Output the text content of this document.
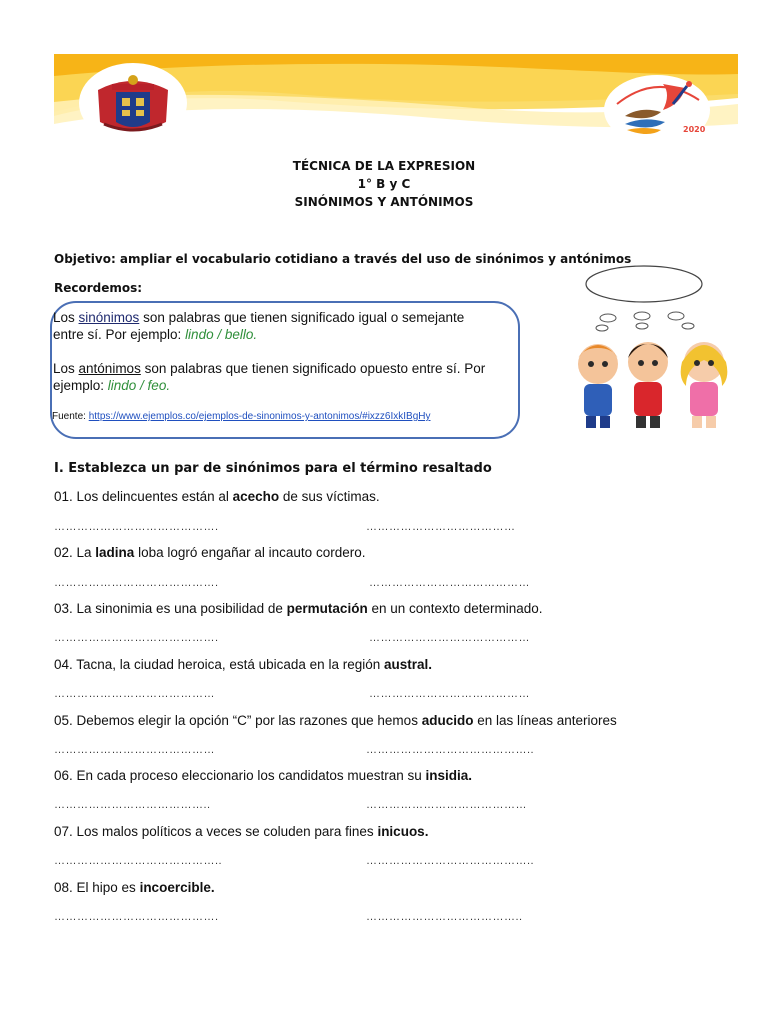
2020
TÉCNICA DE LA EXPRESION
1° B y C
SINÓNIMOS Y ANTÓNIMOS
Objetivo: ampliar el vocabulario cotidiano a través del uso de sinónimos y antónimos
Recordemos:
Los sinónimos son palabras que tienen significado igual o semejante
entre sí. Por ejemplo: lindo / bello.
Los antónimos son palabras que tienen significado opuesto entre sí. Por
ejemplo: lindo / feo.
Fuente: https://www.ejemplos.co/ejemplos-de-sinonimos-y-antonimos/#ixzz6IxkIBgHy
I. Establezca un par de sinónimos para el término resaltado
01. Los delincuentes están al acecho de sus víctimas.
…………………………………….	…………………………………
02. La ladina loba logró engañar al incauto cordero.
…………………………………….	……………………………………
03. La sinonimia es una posibilidad de permutación en un contexto determinado.
…………………………………….	……………………………………
04. Tacna, la ciudad heroica, está ubicada en la región austral.
……………………………………	……………………………………
05. Debemos elegir la opción “C” por las razones que hemos aducido en las líneas anteriores
……………………………………	……………………………………..
06. En cada proceso eleccionario los candidatos muestran su insidia.
…………………………………..	……………………………………
07. Los malos políticos a veces se coluden para fines inicuos.
……………………………………..	……………………………………..
08. El hipo es incoercible.
…………………………………….	…………………………………..
